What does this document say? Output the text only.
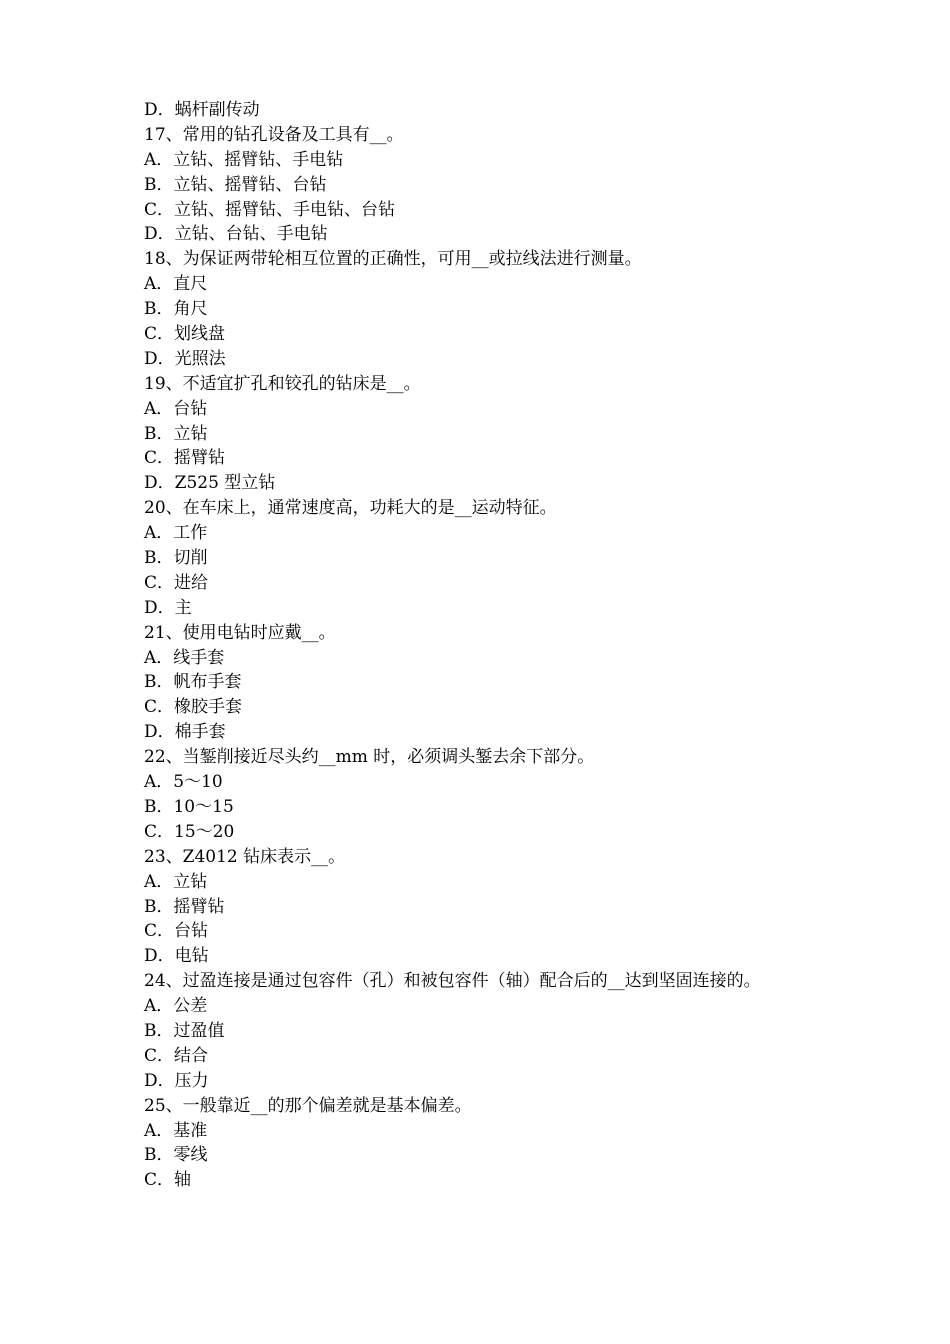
D．蜗杆副传动
17、常用的钻孔设备及工具有__。
A．立钻、摇臂钻、手电钻
B．立钻、摇臂钻、台钻
C．立钻、摇臂钻、手电钻、台钻
D．立钻、台钻、手电钻
18、为保证两带轮相互位置的正确性，可用__或拉线法进行测量。
A．直尺
B．角尺
C．划线盘
D．光照法
19、不适宜扩孔和铰孔的钻床是__。
A．台钻
B．立钻
C．摇臂钻
D．Z525 型立钻
20、在车床上，通常速度高，功耗大的是__运动特征。
A．工作
B．切削
C．进给
D．主
21、使用电钻时应戴__。
A．线手套
B．帆布手套
C．橡胶手套
D．棉手套
22、当錾削接近尽头约__mm 时，必须调头錾去余下部分。
A．5～10
B．10～15
C．15～20
23、Z4012 钻床表示__。
A．立钻
B．摇臂钻
C．台钻
D．电钻
24、过盈连接是通过包容件（孔）和被包容件（轴）配合后的__达到坚固连接的。
A．公差
B．过盈值
C．结合
D．压力
25、一般靠近__的那个偏差就是基本偏差。
A．基准
B．零线
C．轴
